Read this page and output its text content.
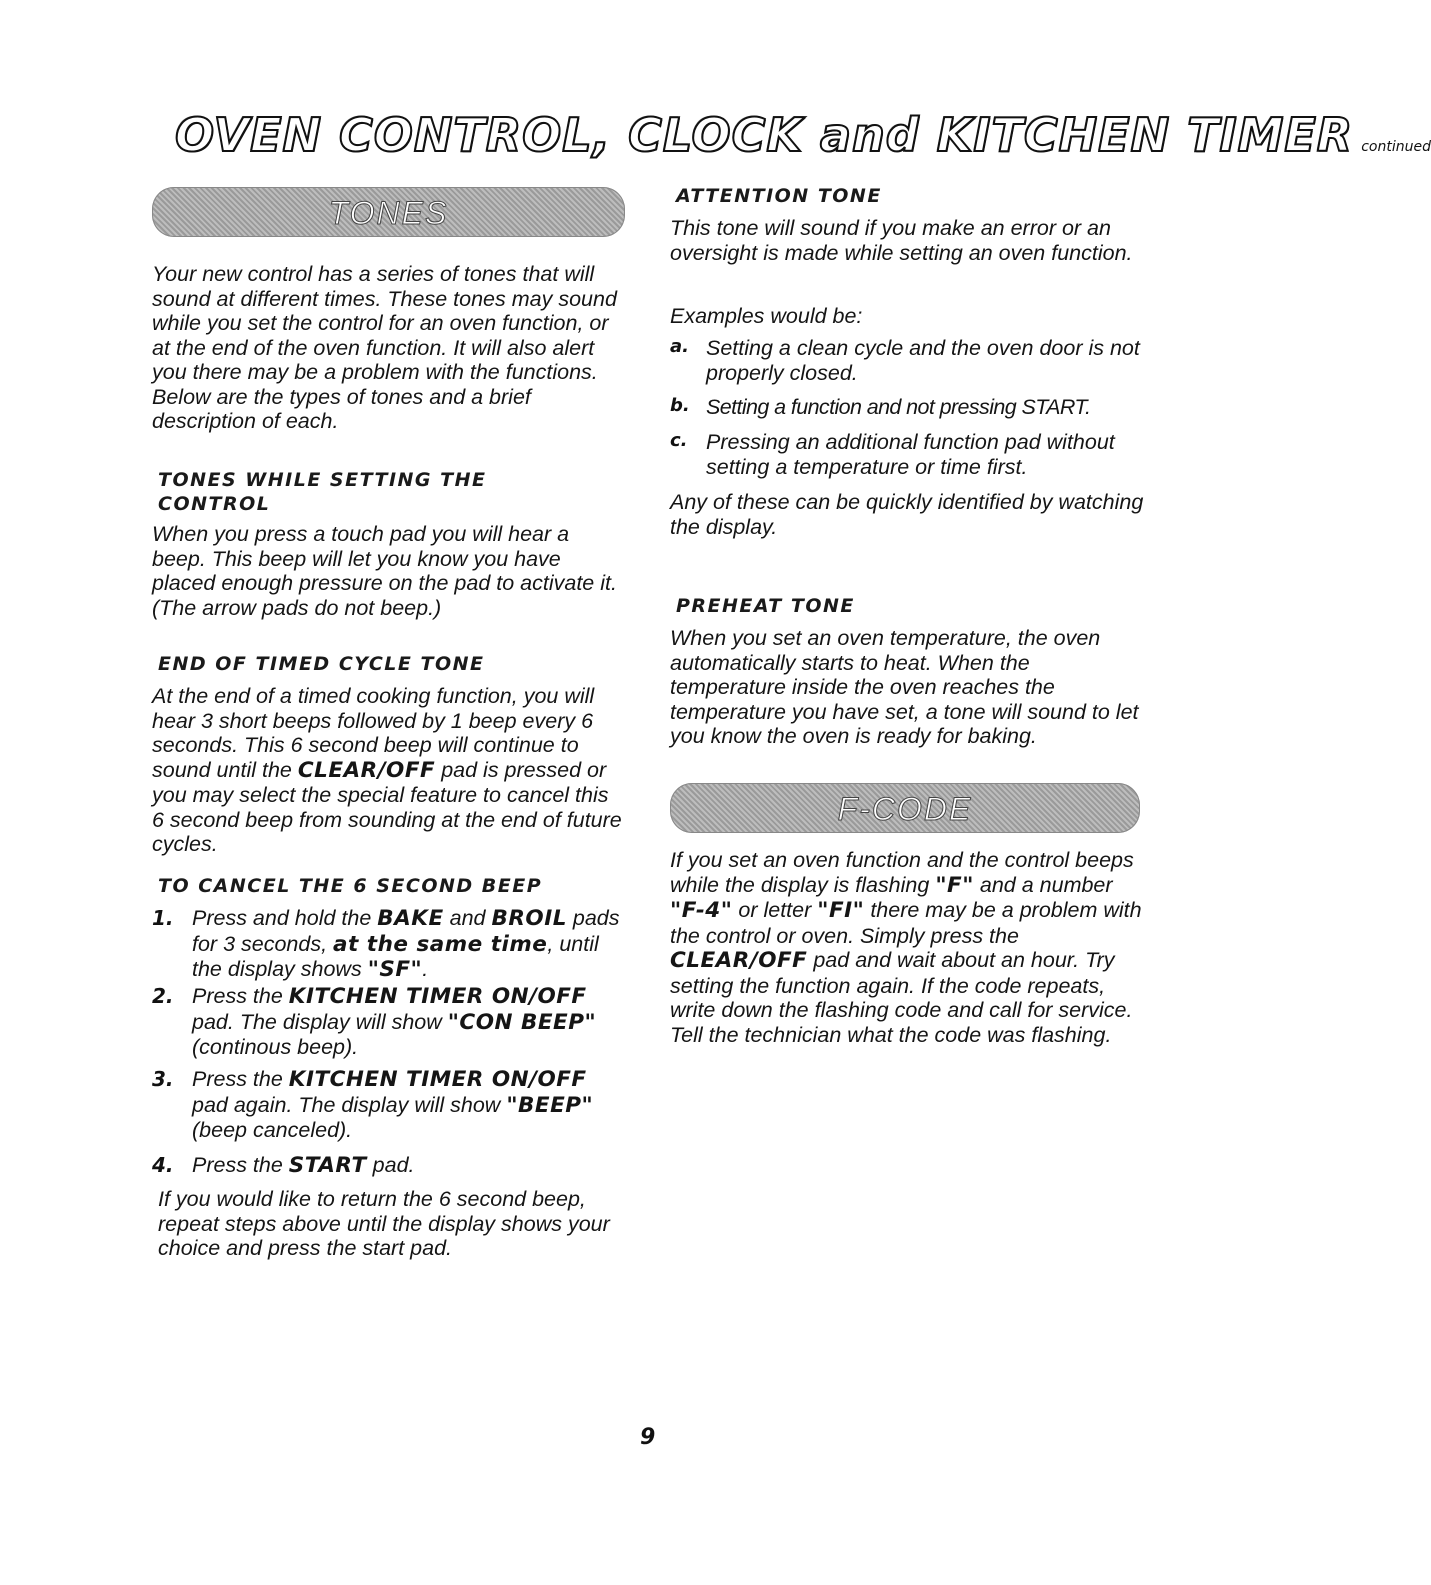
OVEN CONTROL, CLOCK and KITCHEN TIMER continued
TONES

Your new control has a series of tones that will sound at different times. These tones may sound while you set the control for an oven function, or at the end of the oven function. It will also alert you there may be a problem with the functions. Below are the types of tones and a brief description of each.

TONES WHILE SETTING THE CONTROL

When you press a touch pad you will hear a beep. This beep will let you know you have placed enough pressure on the pad to activate it. (The arrow pads do not beep.)

END OF TIMED CYCLE TONE

At the end of a timed cooking function, you will hear 3 short beeps followed by 1 beep every 6 seconds. This 6 second beep will continue to sound until the CLEAR/OFF pad is pressed or you may select the special feature to cancel this 6 second beep from sounding at the end of future cycles.

TO CANCEL THE 6 SECOND BEEP

1. Press and hold the BAKE and BROIL pads for 3 seconds, at the same time, until the display shows "SF".

2. Press the KITCHEN TIMER ON/OFF pad. The display will show "CON BEEP" (continous beep).

3. Press the KITCHEN TIMER ON/OFF pad again. The display will show "BEEP" (beep canceled).

4. Press the START pad.

If you would like to return the 6 second beep, repeat steps above until the display shows your choice and press the start pad.

ATTENTION TONE

This tone will sound if you make an error or an oversight is made while setting an oven function.

Examples would be:

a. Setting a clean cycle and the oven door is not properly closed.

b. Setting a function and not pressing START.

c. Pressing an additional function pad without setting a temperature or time first.

Any of these can be quickly identified by watching the display.

PREHEAT TONE

When you set an oven temperature, the oven automatically starts to heat. When the temperature inside the oven reaches the temperature you have set, a tone will sound to let you know the oven is ready for baking.

F-CODE

If you set an oven function and the control beeps while the display is flashing "F" and a number "F-4" or letter "FI" there may be a problem with the control or oven. Simply press the CLEAR/OFF pad and wait about an hour. Try setting the function again. If the code repeats, write down the flashing code and call for service. Tell the technician what the code was flashing.

9
